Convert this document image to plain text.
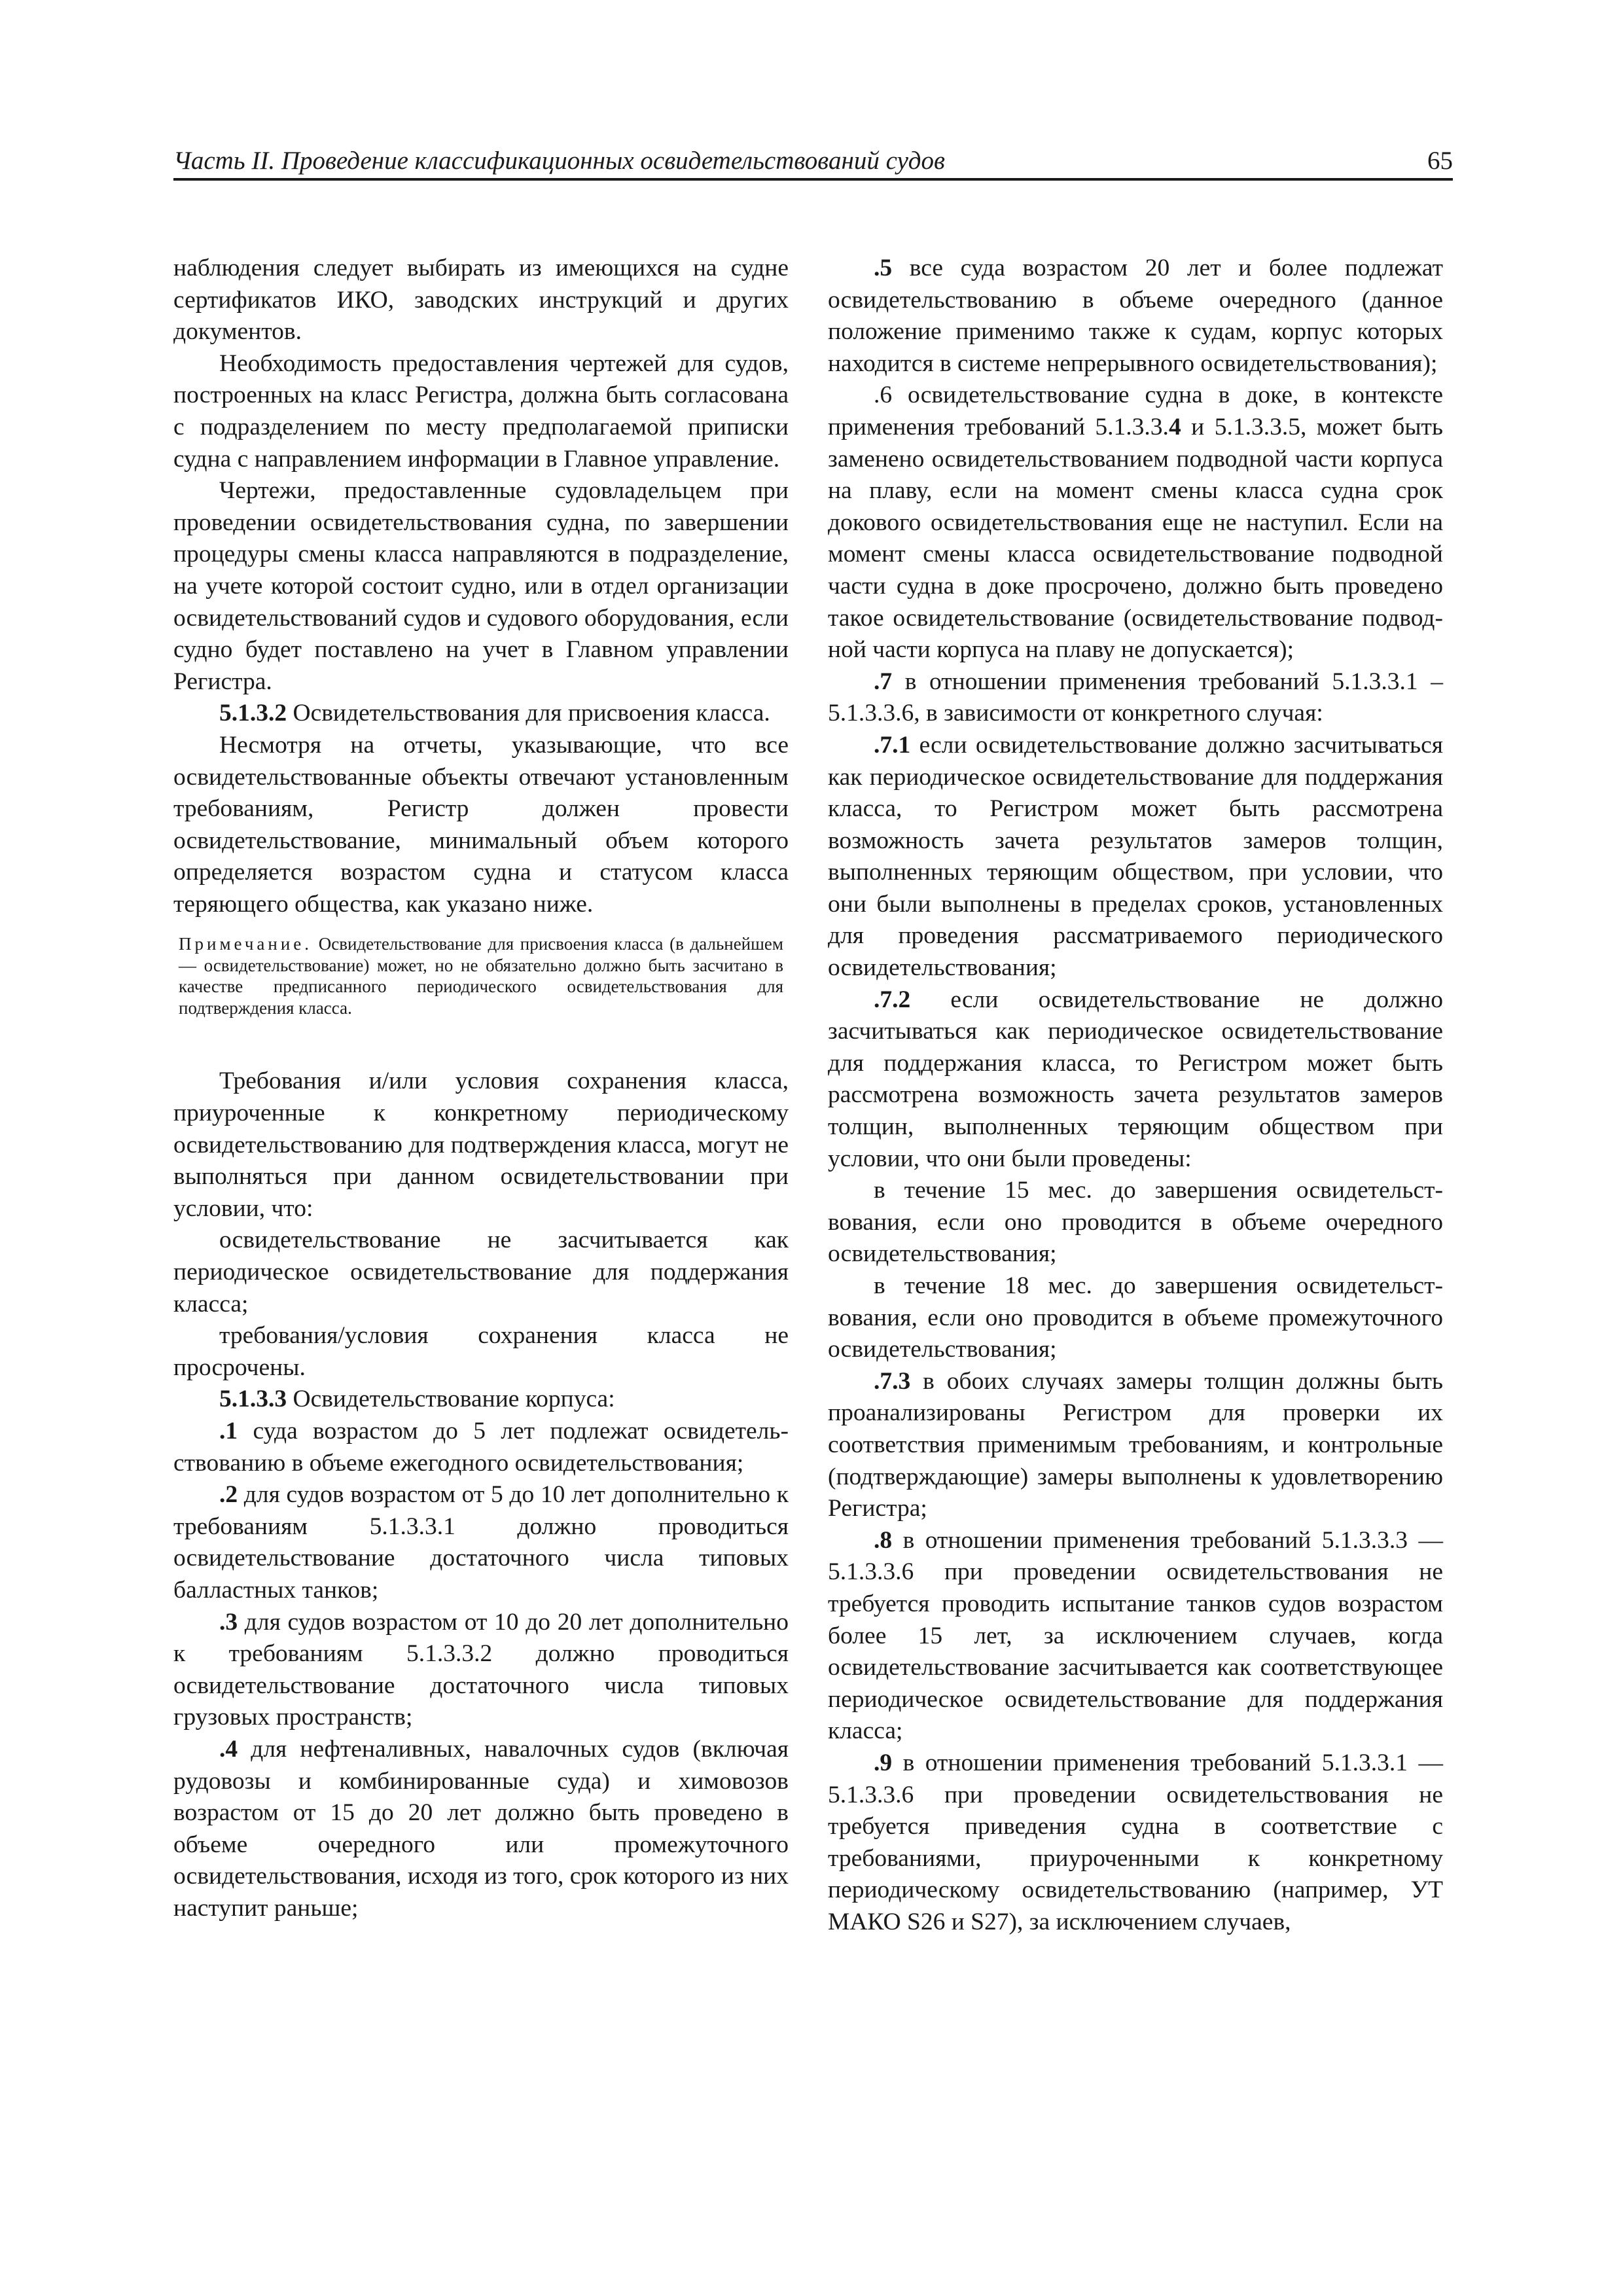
Часть II. Проведение классификационных освидетельствований судов	65

наблюдения следует выбирать из имеющихся на судне сертификатов ИКО, заводских инструкций и других документов.

Необходимость предоставления чертежей для судов, построенных на класс Регистра, должна быть согласована с подразделением по месту предполагаемой приписки судна с направлением информации в Главное управление.

Чертежи, предоставленные судовладельцем при проведении освидетельствования судна, по завершении процедуры смены класса направляются в подразделение, на учете которой состоит судно, или в отдел организации освидетельствований судов и судового оборудования, если судно будет поставлено на учет в Главном управлении Регистра.

5.1.3.2 Освидетельствования для присвоения класса.

Несмотря на отчеты, указывающие, что все освидетельствованные объекты отвечают установленным требованиям, Регистр должен провести освидетельствование, минимальный объем которого определяется возрастом судна и статусом класса теряющего общества, как указано ниже.

Примечание. Освидетельствование для присвоения класса (в дальнейшем — освидетельствование) может, но не обязательно должно быть засчитано в качестве предписанного периодического освидетельствования для подтверждения класса.

Требования и/или условия сохранения класса, приуроченные к конкретному периодическому освидетельствованию для подтверждения класса, могут не выполняться при данном освидетельствовании при условии, что:

освидетельствование не засчитывается как периодическое освидетельствование для поддержания класса;

требования/условия сохранения класса не просрочены.

5.1.3.3 Освидетельствование корпуса:

.1 суда возрастом до 5 лет подлежат освидетельствованию в объеме ежегодного освидетельствования;

.2 для судов возрастом от 5 до 10 лет дополнительно к требованиям 5.1.3.3.1 должно проводиться освидетельствование достаточного числа типовых балластных танков;

.3 для судов возрастом от 10 до 20 лет дополнительно к требованиям 5.1.3.3.2 должно проводиться освидетельствование достаточного числа типовых грузовых пространств;

.4 для нефтеналивных, навалочных судов (включая рудовозы и комбинированные суда) и химовозов возрастом от 15 до 20 лет должно быть проведено в объеме очередного или промежуточного освидетельствования, исходя из того, срок которого из них наступит раньше;

.5 все суда возрастом 20 лет и более подлежат освидетельствованию в объеме очередного (данное положение применимо также к судам, корпус которых находится в системе непрерывного освидетельствования);

.6 освидетельствование судна в доке, в контексте применения требований 5.1.3.3.4 и 5.1.3.3.5, может быть заменено освидетельствованием подводной части корпуса на плаву, если на момент смены класса судна срок докового освидетельствования еще не наступил. Если на момент смены класса освидетельствование подводной части судна в доке просрочено, должно быть проведено такое освидетельствование (освидетельствование подводной части корпуса на плаву не допускается);

.7 в отношении применения требований 5.1.3.3.1 – 5.1.3.3.6, в зависимости от конкретного случая:

.7.1 если освидетельствование должно засчитываться как периодическое освидетельствование для поддержания класса, то Регистром может быть рассмотрена возможность зачета результатов замеров толщин, выполненных теряющим обществом, при условии, что они были выполнены в пределах сроков, установленных для проведения рассматриваемого периодического освидетельствования;

.7.2 если освидетельствование не должно засчитываться как периодическое освидетельствование для поддержания класса, то Регистром может быть рассмотрена возможность зачета результатов замеров толщин, выполненных теряющим обществом при условии, что они были проведены:

в течение 15 мес. до завершения освидетельствования, если оно проводится в объеме очередного освидетельствования;

в течение 18 мес. до завершения освидетельствования, если оно проводится в объеме промежуточного освидетельствования;

.7.3 в обоих случаях замеры толщин должны быть проанализированы Регистром для проверки их соответствия применимым требованиям, и контрольные (подтверждающие) замеры выполнены к удовлетворению Регистра;

.8 в отношении применения требований 5.1.3.3.3 — 5.1.3.3.6 при проведении освидетельствования не требуется проводить испытание танков судов возрастом более 15 лет, за исключением случаев, когда освидетельствование засчитывается как соответствующее периодическое освидетельствование для поддержания класса;

.9 в отношении применения требований 5.1.3.3.1 — 5.1.3.3.6 при проведении освидетельствования не требуется приведения судна в соответствие с требованиями, приуроченными к конкретному периодическому освидетельствованию (например, УТ МАКО S26 и S27), за исключением случаев,
